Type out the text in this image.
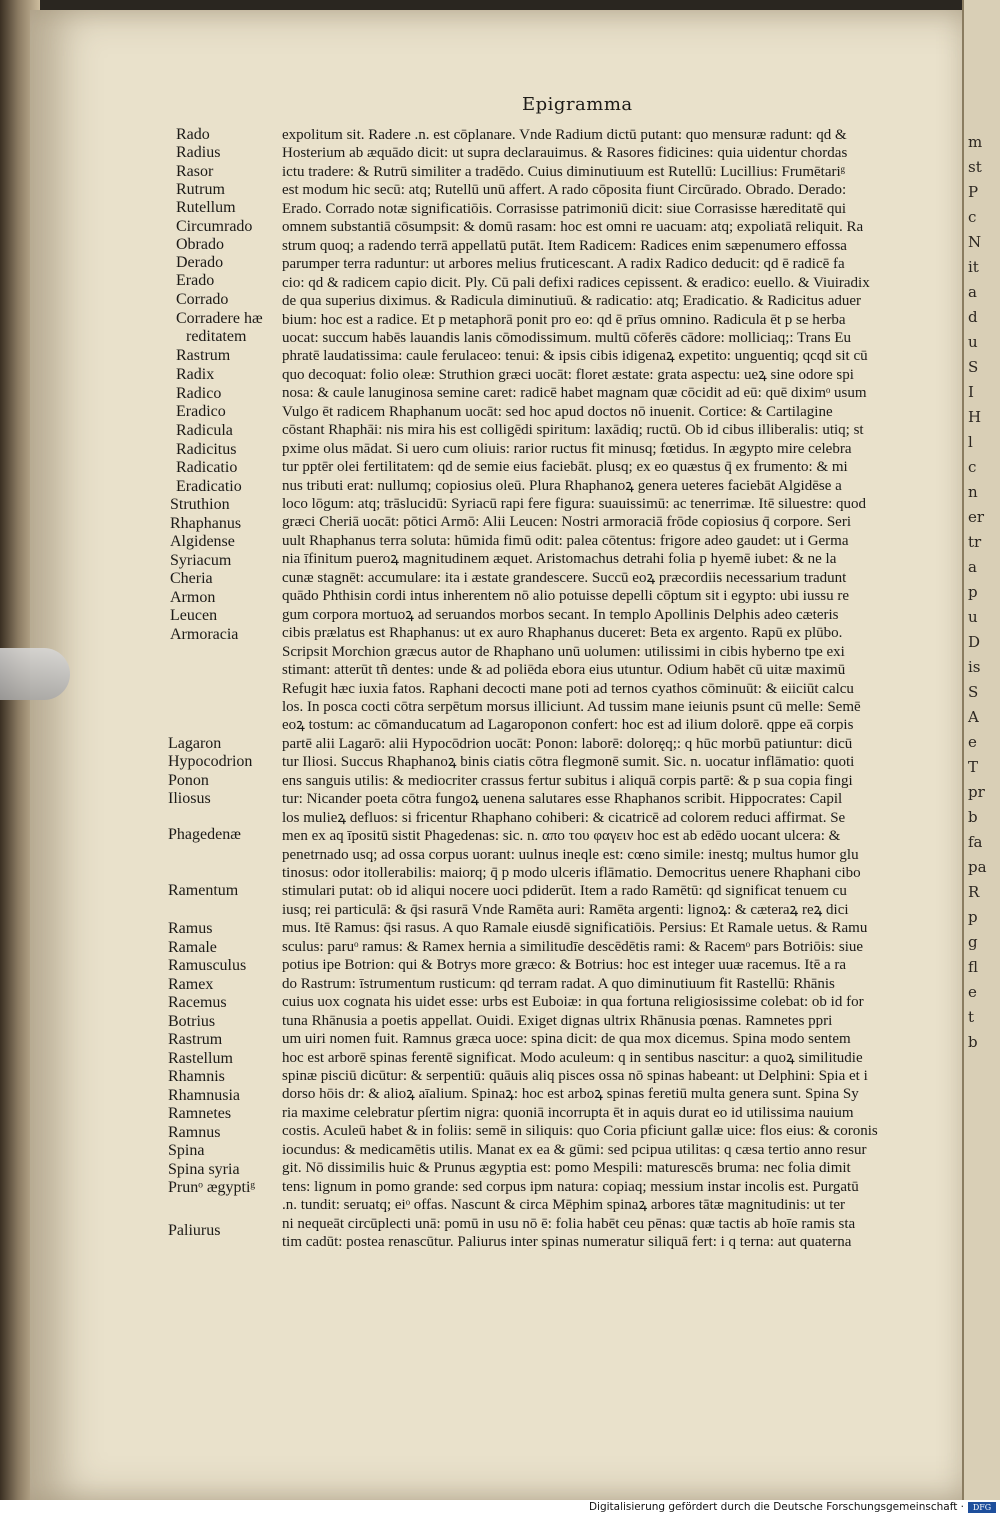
m
st
P
c
N
it
a
d
u
S
I
H
l
c
n
er
tr
a
p
u
D
is
S
A
e
T
pr
b
fa
pa
R
p
g
fl
e
t
b
Epigramma
Rado
Radius
Rasor
Rutrum
Rutellum
Circumrado
Obrado
Derado
Erado
Corrado
Corradere hæ
reditatem
Rastrum
Radix
Radico
Eradico
Radicula
Radicitus
Radicatio
Eradicatio
Struthion
Rhaphanus
Algidense
Syriacum
Cheria
Armon
Leucen
Armoracia
Lagaron
Hypocodrion
Ponon
Iliosus
Phagedenæ
Ramentum
Ramus
Ramale
Ramusculus
Ramex
Racemus
Botrius
Rastrum
Rastellum
Rhamnis
Rhamnusia
Ramnetes
Ramnus
Spina
Spina syria
Prunᵒ ægyptiᵍ
Paliurus
expolitum sit. Radere .n. est cōplanare. Vnde Radium dictū putant: quo mensuræ radunt: qd &
Hosterium ab æquādo dicit: ut supra declarauimus. & Rasores fidicines: quia uidentur chordas
ictu tradere: & Rutrū similiter a tradēdo. Cuius diminutiuum est Rutellū: Lucillius: Frumētariᵍ
est modum hic secū: atq; Rutellū unū affert. A rado cōposita fiunt Circūrado. Obrado. Derado:
Erado. Corrado notæ significatiōis. Corrasisse patrimoniū dicit: siue Corrasisse hæreditatē qui
omnem substantiā cōsumpsit: & domū rasam: hoc est omni re uacuam: atq; expoliatā reliquit. Ra
strum quoq; a radendo terrā appellatū putāt. Item Radicem: Radices enim sæpenumero effossa
parumper terra raduntur: ut arbores melius fruticescant. A radix Radico deducit: qd ē radicē fa
cio: qd & radicem capio dicit. Ply. Cū pali defixi radices cepissent. & eradico: euello. & Viuiradix
de qua superius diximus. & Radicula diminutiuū. & radicatio: atq; Eradicatio. & Radicitus aduer
bium: hoc est a radice. Et p metaphorā ponit pro eo: qd ē prīus omnino. Radicula ēt p se herba
uocat: succum habēs lauandis lanis cōmodissimum. multū cōferēs cādore: molliciaq;: Trans Eu
phratē laudatissima: caule ferulaceo: tenui: & ipsis cibis idigenaꝝ expetito: unguentiq; qcqd sit cū
quo decoquat: folio oleæ: Struthion græci uocāt: floret æstate: grata aspectu: ueꝝ sine odore spi
nosa: & caule lanuginosa semine caret: radicē habet magnam quæ cōcidit ad eū: quē diximᵒ usum
Vulgo ēt radicem Rhaphanum uocāt: sed hoc apud doctos nō inuenit. Cortice: & Cartilagine
cōstant Rhaphāi: nis mira his est colligēdi spiritum: laxādiq; ructū. Ob id cibus illiberalis: utiq; st
pxime olus mādat. Si uero cum oliuis: rarior ructus fit minusq; fœtidus. In ægypto mire celebra
tur pptēr olei fertilitatem: qd de semie eius faciebāt. plusq; ex eo quæstus q̄ ex frumento: & mi
nus tributi erat: nullumq; copiosius oleū. Plura Rhaphanoꝝ genera ueteres faciebāt Algidēse a
loco lōgum: atq; trāslucidū: Syriacū rapi fere figura: suauissimū: ac tenerrimæ. Itē siluestre: quod
græci Cheriā uocāt: pōtici Armō: Alii Leucen: Nostri armoraciā frōde copiosius q̄ corpore. Seri
uult Rhaphanus terra soluta: hūmida fimū odit: palea cōtentus: frigore adeo gaudet: ut i Germa
nia īfinitum pueroꝝ magnitudinem æquet. Aristomachus detrahi folia p hyemē iubet: & ne la
cunæ stagnēt: accumulare: ita i æstate grandescere. Succū eoꝝ præcordiis necessarium tradunt
quādo Phthisin cordi intus inherentem nō alio potuisse depelli cōptum sit i egypto: ubi iussu re
gum corpora mortuoꝝ ad seruandos morbos secant. In templo Apollinis Delphis adeo cæteris
cibis prælatus est Rhaphanus: ut ex auro Rhaphanus duceret: Beta ex argento. Rapū ex plūbo.
Scripsit Morchion græcus autor de Rhaphano unū uolumen: utilissimi in cibis hyberno tpe exi
stimant: atterūt tñ dentes: unde & ad poliēda ebora eius utuntur. Odium habēt cū uitæ maximū
Refugit hæc iuxia fatos. Raphani decocti mane poti ad ternos cyathos cōminuūt: & eiiciūt calcu
los. In posca cocti cōtra serpētum morsus illiciunt. Ad tussim mane ieiunis psunt cū melle: Semē
eoꝝ tostum: ac cōmanducatum ad Lagaroponon confert: hoc est ad ilium dolorē. qppe eā corpis
partē alii Lagarō: alii Hypocōdrion uocāt: Ponon: laborē: doloręq;: q hūc morbū patiuntur: dicū
tur Iliosi. Succus Rhaphanoꝝ binis ciatis cōtra flegmonē sumit. Sic. n. uocatur inflāmatio: quoti
ens sanguis utilis: & mediocriter crassus fertur subitus i aliquā corpis partē: & p sua copia fingi
tur: Nicander poeta cōtra fungoꝝ uenena salutares esse Rhaphanos scribit. Hippocrates: Capil
los mulieꝝ defluos: si fricentur Rhaphano cohiberi: & cicatricē ad colorem reduci affirmat. Se
men ex aq īpositū sistit Phagedenas: sic. n. απο του φαγειν hoc est ab edēdo uocant ulcera: &
penetrnado usq; ad ossa corpus uorant: uulnus ineqle est: cœno simile: inestq; multus humor glu
tinosus: odor itollerabilis: maiorq; q̄ p modo ulceris iflāmatio. Democritus uenere Rhaphani cibo
stimulari putat: ob id aliqui nocere uoci pdiderūt. Item a rado Ramētū: qd significat tenuem cu
iusq; rei particulā: & q̄si rasurā Vnde Ramēta auri: Ramēta argenti: lignoꝝ: & cæteraꝝ reꝝ dici
mus. Itē Ramus: q̄si rasus. A quo Ramale eiusdē significatiōis. Persius: Et Ramale uetus. & Ramu
sculus: paruᵒ ramus: & Ramex hernia a similitudīe descēdētis rami: & Racemᵒ pars Botriōis: siue
potius ipe Botrion: qui & Botrys more græco: & Botrius: hoc est integer uuæ racemus. Itē a ra
do Rastrum: īstrumentum rusticum: qd terram radat. A quo diminutiuum fit Rastellū: Rhānis
cuius uox cognata his uidet esse: urbs est Euboiæ: in qua fortuna religiosissime colebat: ob id for
tuna Rhānusia a poetis appellat. Ouidi. Exiget dignas ultrix Rhānusia pœnas. Ramnetes ppri
um uiri nomen fuit. Ramnus græca uoce: spina dicit: de qua mox dicemus. Spina modo sentem
hoc est arborē spinas ferentē significat. Modo aculeum: q in sentibus nascitur: a quoꝝ similitudie
spinæ pisciū dicūtur: & serpentiū: quāuis aliq pisces ossa nō spinas habeant: ut Delphini: Spia et i
dorso hōis dr: & alioꝝ aīalium. Spinaꝝ: hoc est arboꝝ spinas feretiū multa genera sunt. Spina Sy
ria maxime celebratur pſertim nigra: quoniā incorrupta ēt in aquis durat eo id utilissima nauium
costis. Aculeū habet & in foliis: semē in siliquis: quo Coria pficiunt gallæ uice: flos eius: & coronis
iocundus: & medicamētis utilis. Manat ex ea & gūmi: sed pcipua utilitas: q cæsa tertio anno resur
git. Nō dissimilis huic & Prunus ægyptia est: pomo Mespili: maturescēs bruma: nec folia dimit
tens: lignum in pomo grande: sed corpus ipm natura: copiaq; messium instar incolis est. Purgatū
.n. tundit: seruatq; eiᵒ offas. Nascunt & circa Mēphim spinaꝝ arbores tātæ magnitudinis: ut ter
ni nequeāt circūplecti unā: pomū in usu nō ē: folia habēt ceu pēnas: quæ tactis ab hoīe ramis sta
tim cadūt: postea renascūtur. Paliurus inter spinas numeratur siliquā fert: i q terna: aut quaterna
Digitalisierung gefördert durch die Deutsche Forschungsgemeinschaft ·	DFG
